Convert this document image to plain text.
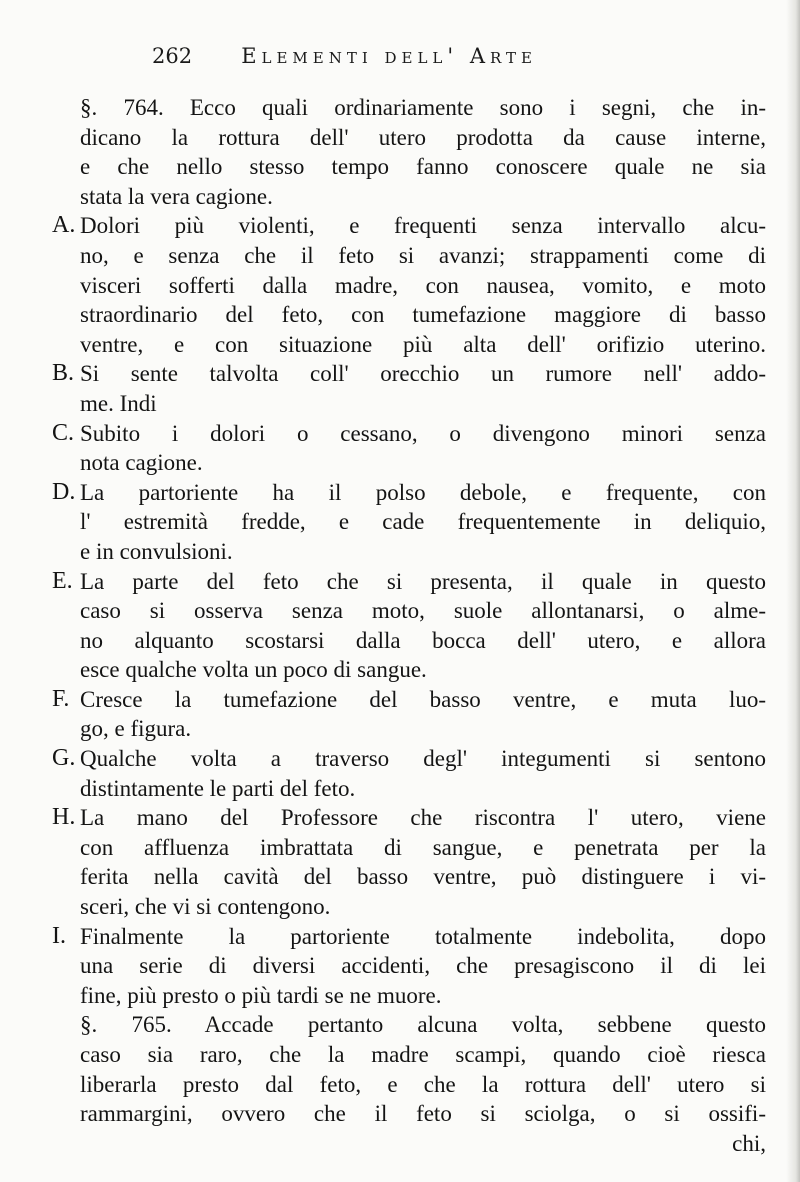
262 Elementi dell' Arte
§. 764. Ecco quali ordinariamente sono i segni, che in-
dicano la rottura dell' utero prodotta da cause interne,
e che nello stesso tempo fanno conoscere quale ne sia
stata la vera cagione.
A. Dolori più violenti, e frequenti senza intervallo alcu-
no, e senza che il feto si avanzi; strappamenti come di
visceri sofferti dalla madre, con nausea, vomito, e moto
straordinario del feto, con tumefazione maggiore di basso
ventre, e con situazione più alta dell' orifizio uterino.
B. Si sente talvolta coll' orecchio un rumore nell' addo-
me. Indi
C. Subito i dolori o cessano, o divengono minori senza
nota cagione.
D. La partoriente ha il polso debole, e frequente, con
l' estremità fredde, e cade frequentemente in deliquio,
e in convulsioni.
E. La parte del feto che si presenta, il quale in questo
caso si osserva senza moto, suole allontanarsi, o alme-
no alquanto scostarsi dalla bocca dell' utero, e allora
esce qualche volta un poco di sangue.
F. Cresce la tumefazione del basso ventre, e muta luo-
go, e figura.
G. Qualche volta a traverso degl' integumenti si sentono
distintamente le parti del feto.
H. La mano del Professore che riscontra l' utero, viene
con affluenza imbrattata di sangue, e penetrata per la
ferita nella cavità del basso ventre, può distinguere i vi-
sceri, che vi si contengono.
I. Finalmente la partoriente totalmente indebolita, dopo
una serie di diversi accidenti, che presagiscono il di lei
fine, più presto o più tardi se ne muore.
§. 765. Accade pertanto alcuna volta, sebbene questo
caso sia raro, che la madre scampi, quando cioè riesca
liberarla presto dal feto, e che la rottura dell' utero si
rammargini, ovvero che il feto si sciolga, o si ossifi-
chi,
